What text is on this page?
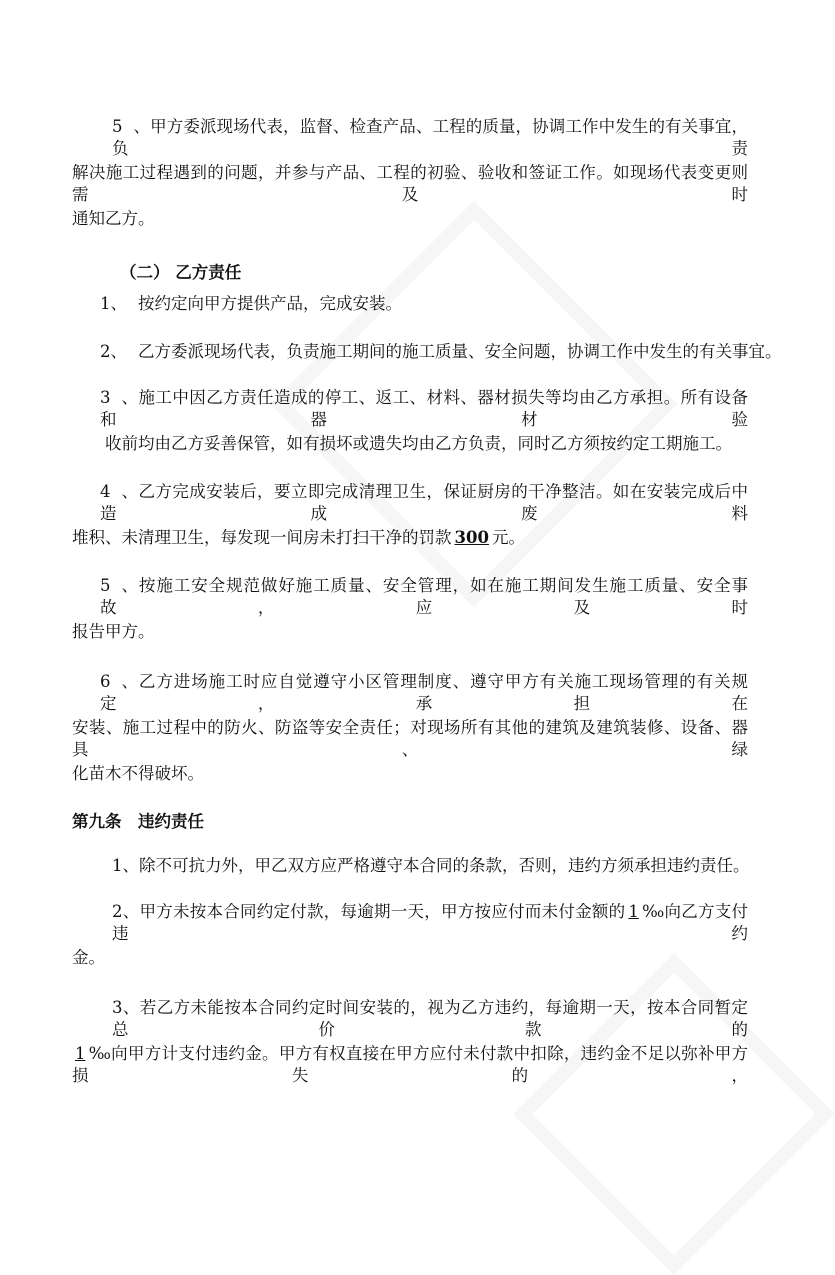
5、甲方委派现场代表，监督、检查产品、工程的质量，协调工作中发生的有关事宜，负责
解决施工过程遇到的问题，并参与产品、工程的初验、验收和签证工作。如现场代表变更则需及时
通知乙方。
（二） 乙方责任
1、 按约定向甲方提供产品，完成安装。
2、 乙方委派现场代表，负责施工期间的施工质量、安全问题，协调工作中发生的有关事宜。
3、施工中因乙方责任造成的停工、返工、材料、器材损失等均由乙方承担。所有设备和器材验
收前均由乙方妥善保管，如有损坏或遗失均由乙方负责，同时乙方须按约定工期施工。
4、乙方完成安装后，要立即完成清理卫生，保证厨房的干净整洁。如在安装完成后中造成废料
堆积、未清理卫生，每发现一间房未打扫干净的罚款 300 元。
5、按施工安全规范做好施工质量、安全管理，如在施工期间发生施工质量、安全事故，应及时
报告甲方。
6、乙方进场施工时应自觉遵守小区管理制度、遵守甲方有关施工现场管理的有关规定，承担在
安装、施工过程中的防火、防盗等安全责任；对现场所有其他的建筑及建筑装修、设备、器具、绿
化苗木不得破坏。
第九条　违约责任
1、除不可抗力外，甲乙双方应严格遵守本合同的条款，否则，违约方须承担违约责任。
2、甲方未按本合同约定付款，每逾期一天，甲方按应付而未付金额的 1 ‰向乙方支付违约
金。
3、若乙方未能按本合同约定时间安装的，视为乙方违约，每逾期一天，按本合同暂定总价款的
1 ‰向甲方计支付违约金。甲方有权直接在甲方应付未付款中扣除，违约金不足以弥补甲方损失的，
